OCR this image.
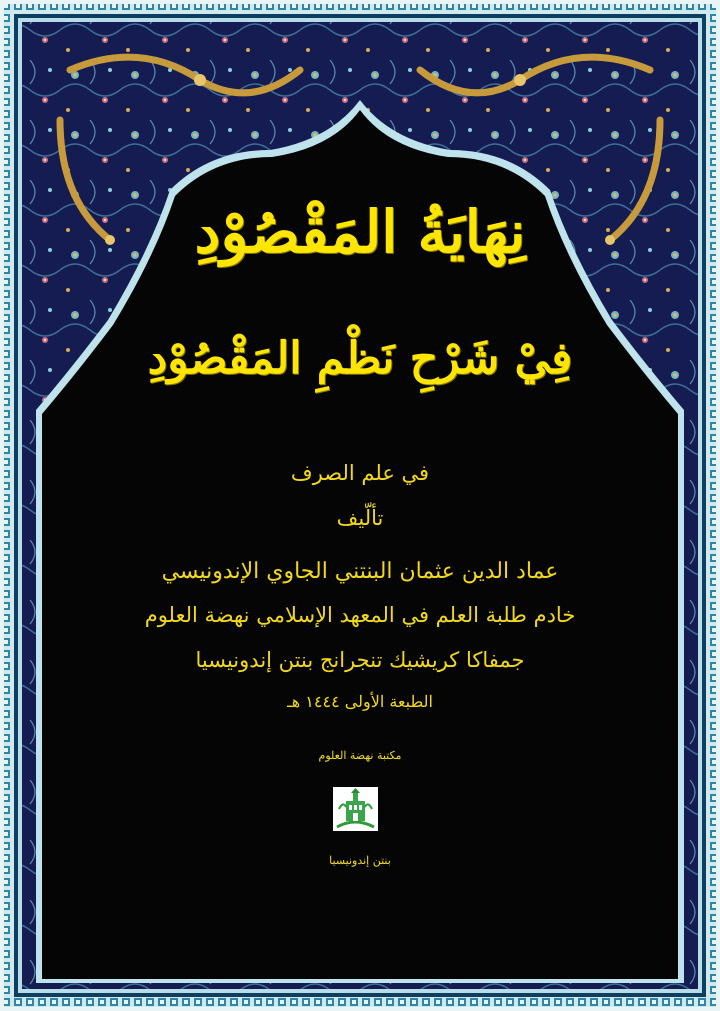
نِهَايَةُ المَقْصُوْدِ
فِيْ شَرْحِ نَظْمِ المَقْصُوْدِ
في علم الصرف
تألّيف
عماد الدين عثمان البنتني الجاوي الإندونيسي
خادم طلبة العلم في المعهد الإسلامي نهضة العلوم
جمفاكا كريشيك تنجرانج بنتن إندونيسيا
الطبعة الأولى ١٤٤٤ هـ
مكتبة نهضة العلوم
بنتن إندونيسيا
